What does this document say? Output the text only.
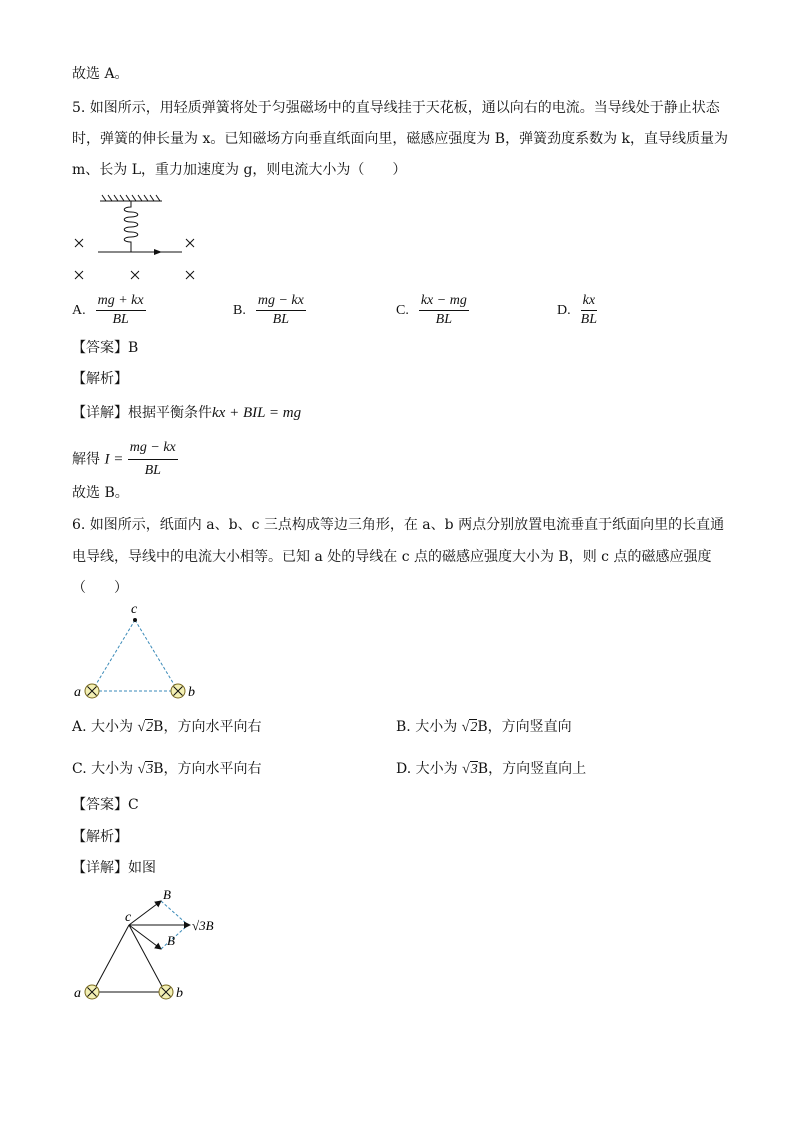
故选 A。
5. 如图所示，用轻质弹簧将处于匀强磁场中的直导线挂于天花板，通以向右的电流。当导线处于静止状态
时，弹簧的伸长量为 x。已知磁场方向垂直纸面向里，磁感应强度为 B，弹簧劲度系数为 k，直导线质量为
m、长为 L，重力加速度为 g，则电流大小为（　　）
A. $\frac{mg + kx}{BL}$	B. $\frac{mg - kx}{BL}$	C. $\frac{kx - mg}{BL}$	D. $\frac{kx}{BL}$
【答案】B
【解析】
【详解】根据平衡条件kx + BIL = mg
解得 $I = \frac{mg - kx}{BL}$
故选 B。
6. 如图所示，纸面内 a、b、c 三点构成等边三角形，在 a、b 两点分别放置电流垂直于纸面向里的长直通
电导线，导线中的电流大小相等。已知 a 处的导线在 c 点的磁感应强度大小为 B，则 c 点的磁感应强度
（　　）
c
a	b
A. 大小为 √2B，方向水平向右	B. 大小为 √2B，方向竖直向
C. 大小为 √3B，方向水平向右	D. 大小为 √3B，方向竖直向上
【答案】C
【解析】
【详解】如图
c
B
B
√3B
a	b
